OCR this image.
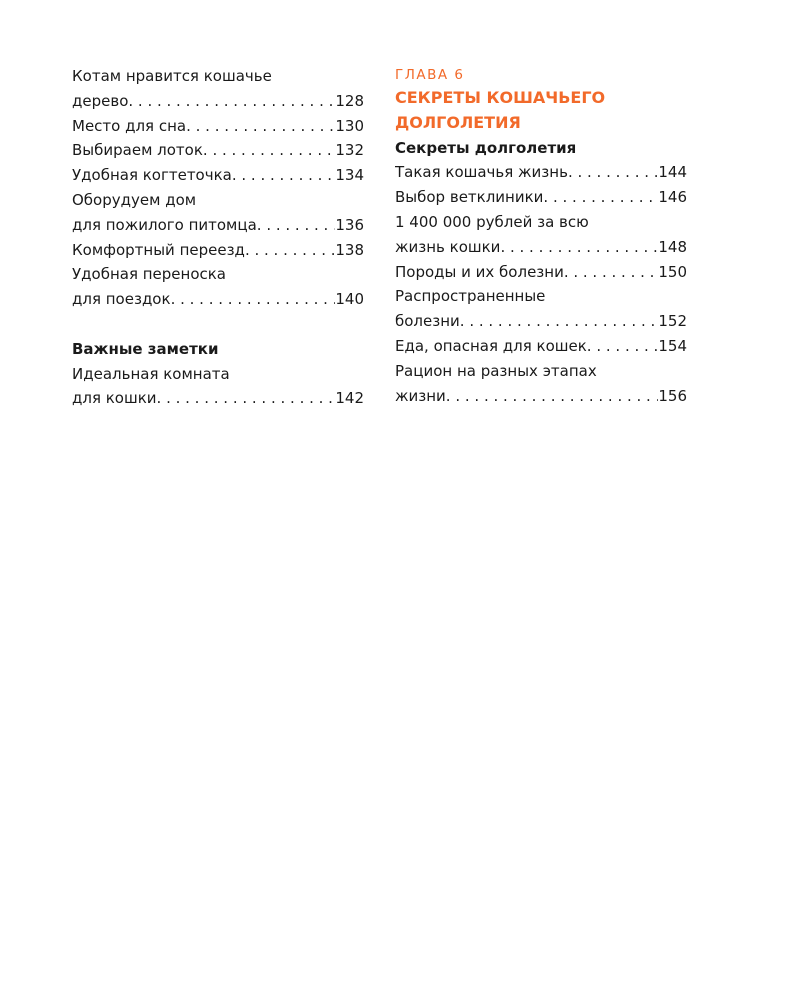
Котам нравится кошачье
дерево . . .	128
Место для сна . . .	130
Выбираем лоток . . .	132
Удобная когтеточка . . .	134
Оборудуем дом
для пожилого питомца . . .	136
Комфортный переезд . . .	138
Удобная переноска
для поездок . . .	140
Важные заметки
Идеальная комната
для кошки . . .	142
ГЛАВА 6
СЕКРЕТЫ КОШАЧЬЕГО
ДОЛГОЛЕТИЯ
Секреты долголетия
Такая кошачья жизнь . . .	144
Выбор ветклиники . . .	146
1 400 000 рублей за всю
жизнь кошки . . .	148
Породы и их болезни . . .	150
Распространенные
болезни . . .	152
Еда, опасная для кошек . . .	154
Рацион на разных этапах
жизни . . .	156
